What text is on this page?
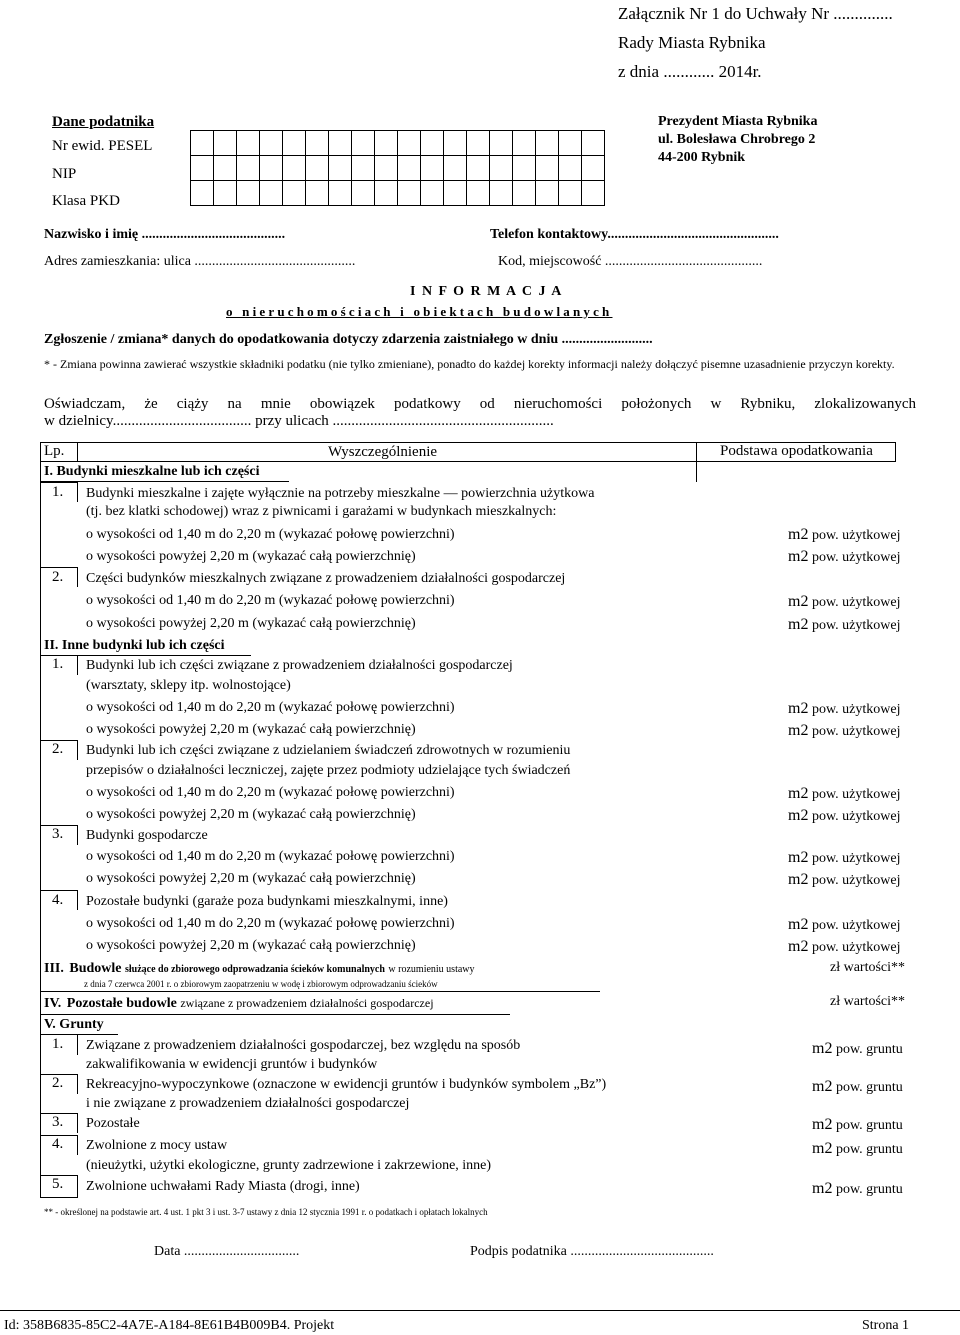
Załącznik Nr 1 do Uchwały Nr ..............
Rady Miasta Rybnika
z dnia ............ 2014r.
Dane podatnika
Nr ewid. PESEL
NIP
Klasa PKD

Prezydent Miasta Rybnika
ul. Bolesława Chrobrego 2
44-200 Rybnik
Nazwisko i imię .........................................	Telefon kontaktowy.................................................
Adres zamieszkania: ulica ..............................................	Kod, miejscowość .............................................
I N F O R M A C J A
o nieruchomościach i obiektach budowlanych
Zgłoszenie / zmiana* danych do opodatkowania dotyczy zdarzenia zaistniałego w dniu ..........................
* - Zmiana powinna zawierać wszystkie składniki podatku (nie tylko zmieniane), ponadto do każdej korekty informacji należy dołączyć pisemne uzasadnienie przyczyn korekty.
Oświadczam, że ciąży na mnie obowiązek podatkowy od nieruchomości położonych w Rybniku, zlokalizowanych
w dzielnicy..................................... przy ulicach ...........................................................
Lp.	Wyszczególnienie	Podstawa opodatkowania
I. Budynki mieszkalne lub ich części
1. Budynki mieszkalne i zajęte wyłącznie na potrzeby mieszkalne — powierzchnia użytkowa
(tj. bez klatki schodowej) wraz z piwnicami i garażami w budynkach mieszkalnych:
o wysokości od 1,40 m do 2,20 m (wykazać połowę powierzchni)	m2 pow. użytkowej
o wysokości powyżej 2,20 m (wykazać całą powierzchnię)	m2 pow. użytkowej
2. Części budynków mieszkalnych związane z prowadzeniem działalności gospodarczej
o wysokości od 1,40 m do 2,20 m (wykazać połowę powierzchni)	m2 pow. użytkowej
o wysokości powyżej 2,20 m (wykazać całą powierzchnię)	m2 pow. użytkowej
II. Inne budynki lub ich części
1. Budynki lub ich części związane z prowadzeniem działalności gospodarczej
(warsztaty, sklepy itp. wolnostojące)
o wysokości od 1,40 m do 2,20 m (wykazać połowę powierzchni)	m2 pow. użytkowej
o wysokości powyżej 2,20 m (wykazać całą powierzchnię)	m2 pow. użytkowej
2. Budynki lub ich części związane z udzielaniem świadczeń zdrowotnych w rozumieniu
przepisów o działalności leczniczej, zajęte przez podmioty udzielające tych świadczeń
o wysokości od 1,40 m do 2,20 m (wykazać połowę powierzchni)	m2 pow. użytkowej
o wysokości powyżej 2,20 m (wykazać całą powierzchnię)	m2 pow. użytkowej
3. Budynki gospodarcze
o wysokości od 1,40 m do 2,20 m (wykazać połowę powierzchni)	m2 pow. użytkowej
o wysokości powyżej 2,20 m (wykazać całą powierzchnię)	m2 pow. użytkowej
4. Pozostałe budynki (garaże poza budynkami mieszkalnymi, inne)
o wysokości od 1,40 m do 2,20 m (wykazać połowę powierzchni)	m2 pow. użytkowej
o wysokości powyżej 2,20 m (wykazać całą powierzchnię)	m2 pow. użytkowej
III. Budowle służące do zbiorowego odprowadzania ścieków komunalnych w rozumieniu ustawy
z dnia 7 czerwca 2001 r. o zbiorowym zaopatrzeniu w wodę i zbiorowym odprowadzaniu ścieków
zł wartości**
IV. Pozostałe budowle związane z prowadzeniem działalności gospodarczej	zł wartości**
V. Grunty
1. Związane z prowadzeniem działalności gospodarczej, bez względu na sposób
zakwalifikowania w ewidencji gruntów i budynków
m2 pow. gruntu
2. Rekreacyjno-wypoczynkowe (oznaczone w ewidencji gruntów i budynków symbolem „Bz”)
i nie związane z prowadzeniem działalności gospodarczej
m2 pow. gruntu
3. Pozostałe	m2 pow. gruntu
4. Zwolnione z mocy ustaw
(nieużytki, użytki ekologiczne, grunty zadrzewione i zakrzewione, inne)
m2 pow. gruntu
5. Zwolnione uchwałami Rady Miasta (drogi, inne)	m2 pow. gruntu
** - określonej na podstawie art. 4 ust. 1 pkt 3 i ust. 3-7 ustawy z dnia 12 stycznia 1991 r. o podatkach i opłatach lokalnych
Data .................................	Podpis podatnika .........................................
Id: 358B6835-85C2-4A7E-A184-8E61B4B009B4. Projekt	Strona 1
